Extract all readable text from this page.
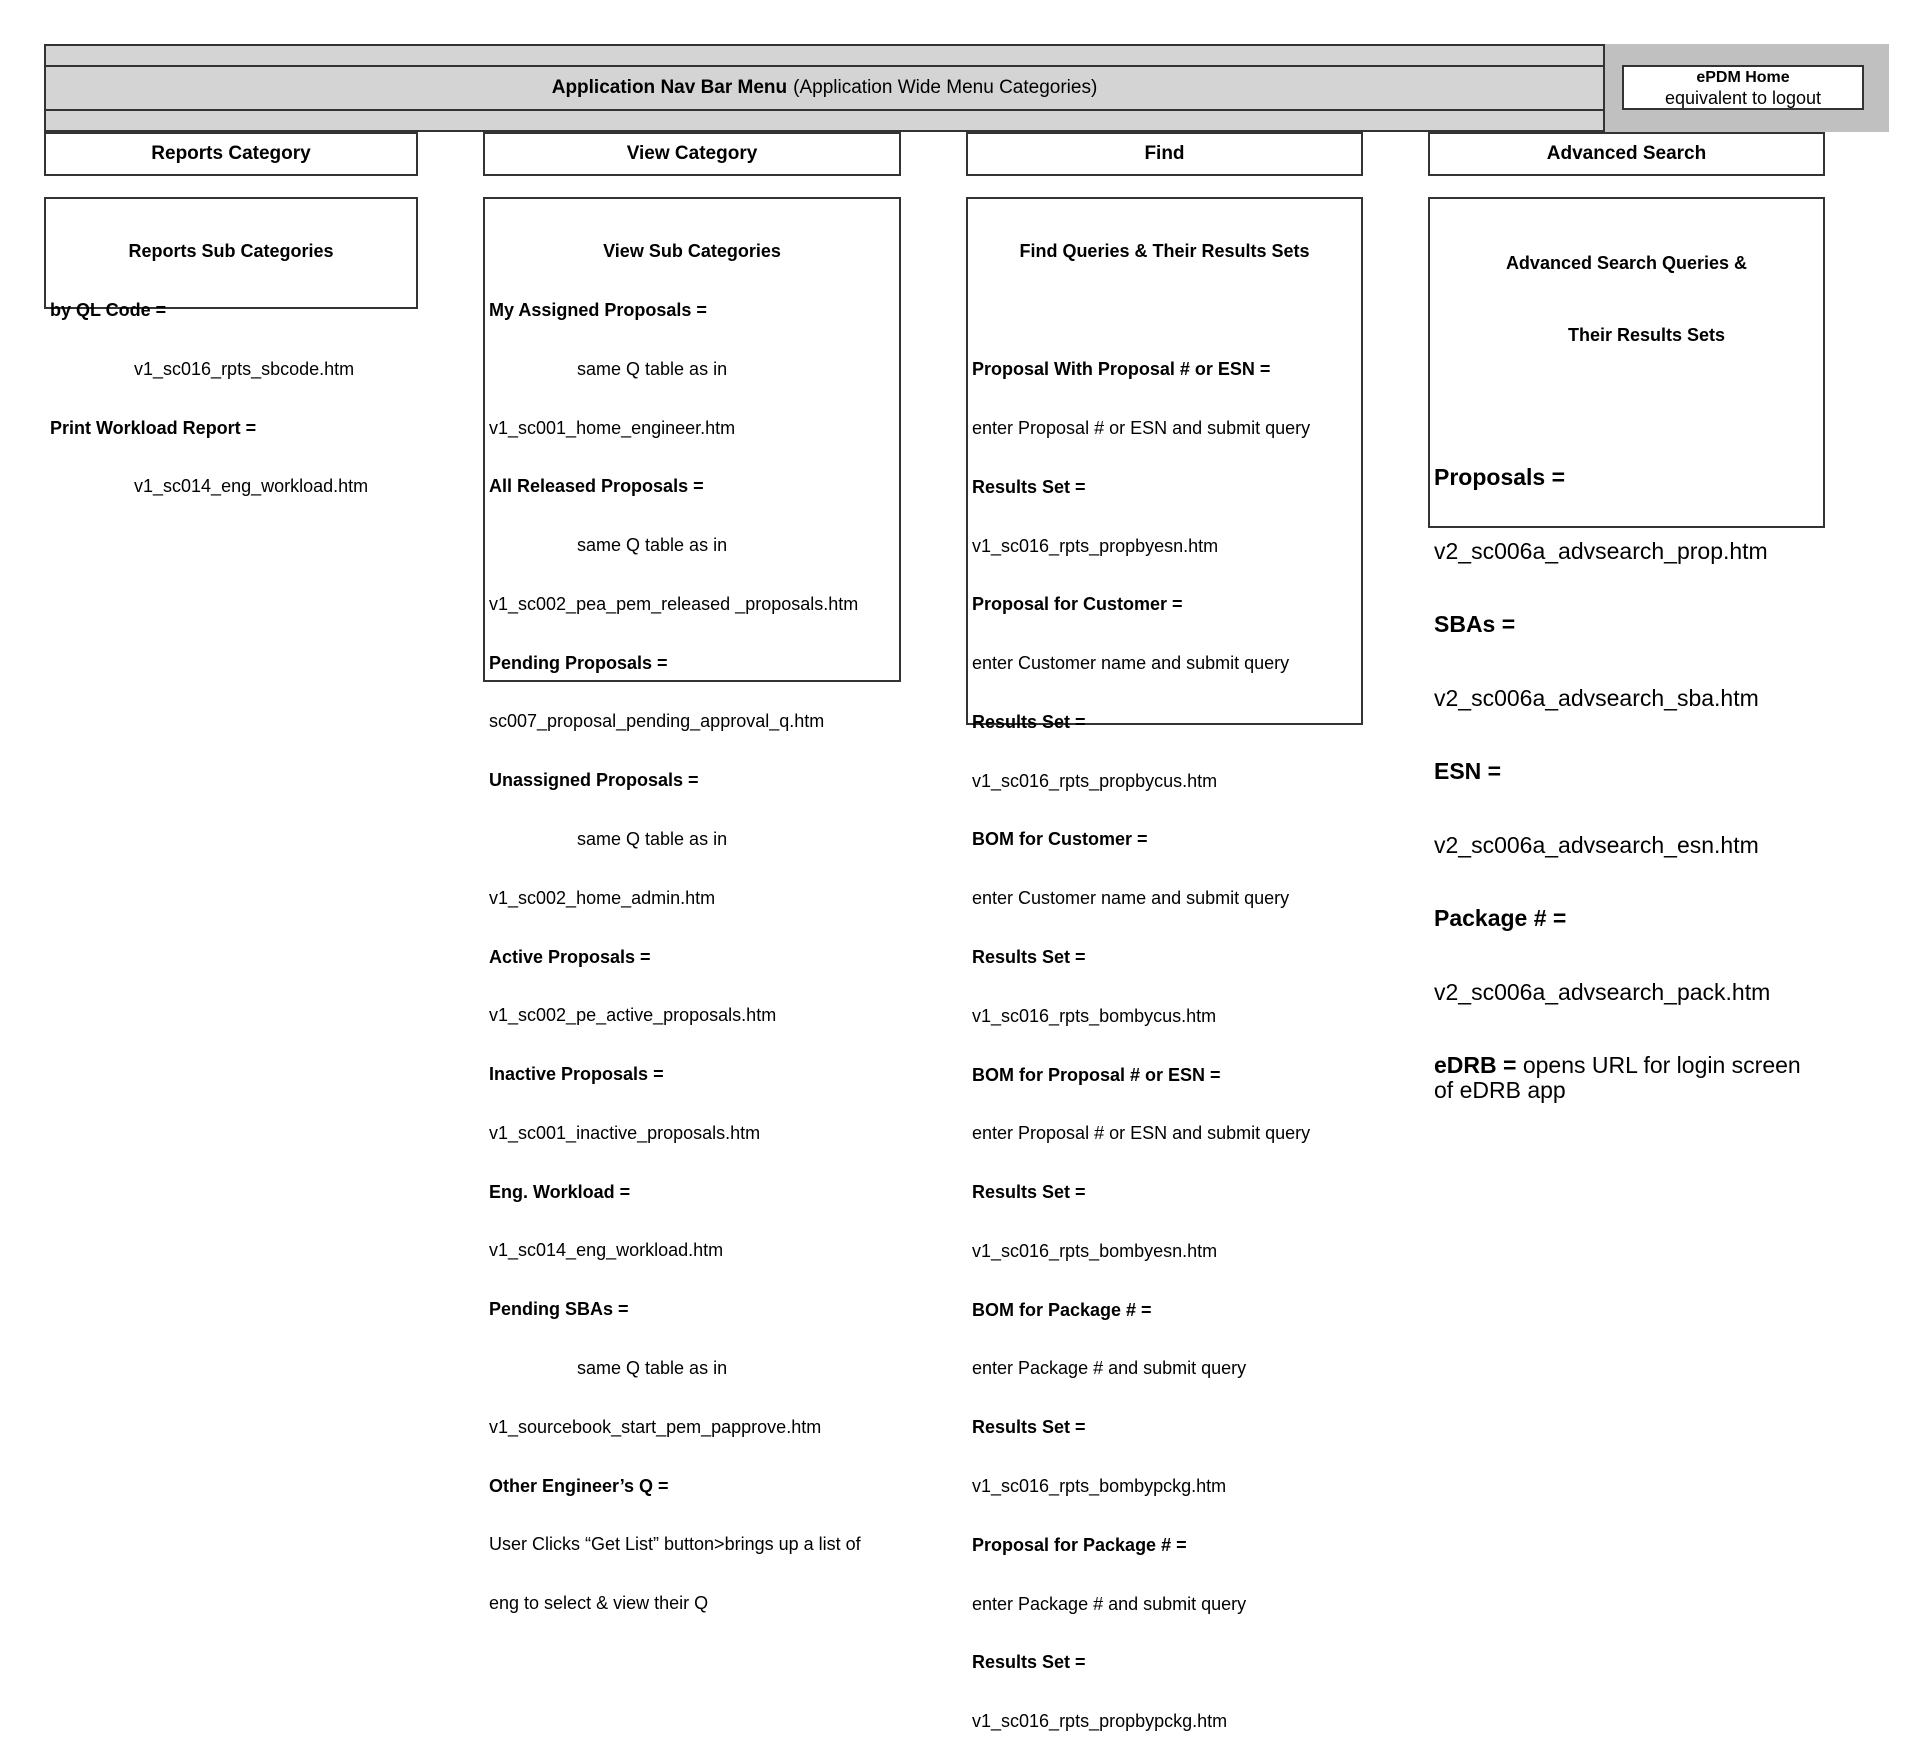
Application Nav Bar Menu (Application Wide Menu Categories)	ePDM Home
equivalent to logout
Reports Category	View Category	Find	Advanced Search

Reports Sub Categories

by QL Code =

v1_sc016_rpts_sbcode.htm

Print Workload Report =

v1_sc014_eng_workload.htm

View Sub Categories

My Assigned Proposals =

same Q table as in

v1_sc001_home_engineer.htm

All Released Proposals =

same Q table as in

v1_sc002_pea_pem_released _proposals.htm

Pending Proposals =

sc007_proposal_pending_approval_q.htm

Unassigned Proposals =

same Q table as in

v1_sc002_home_admin.htm

Active Proposals =

v1_sc002_pe_active_proposals.htm

Inactive Proposals =

v1_sc001_inactive_proposals.htm

Eng. Workload =

v1_sc014_eng_workload.htm

Pending SBAs =

same Q table as in

v1_sourcebook_start_pem_papprove.htm

Other Engineer’s Q =

User Clicks “Get List” button>brings up a list of

eng to select & view their Q

Find Queries & Their Results Sets

Proposal With Proposal # or ESN =

enter Proposal # or ESN and submit query

Results Set =

v1_sc016_rpts_propbyesn.htm

Proposal for Customer =

enter Customer name and submit query

Results Set =

v1_sc016_rpts_propbycus.htm

BOM for Customer =

enter Customer name and submit query

Results Set =

v1_sc016_rpts_bombycus.htm

BOM for Proposal # or ESN =

enter Proposal # or ESN and submit query

Results Set =

v1_sc016_rpts_bombyesn.htm

BOM for Package # =

enter Package # and submit query

Results Set =

v1_sc016_rpts_bombypckg.htm

Proposal for Package # =

enter Package # and submit query

Results Set =

v1_sc016_rpts_propbypckg.htm

Advanced Search Queries &

Their Results Sets

Proposals =

v2_sc006a_advsearch_prop.htm

SBAs =

v2_sc006a_advsearch_sba.htm

ESN =

v2_sc006a_advsearch_esn.htm

Package # =

v2_sc006a_advsearch_pack.htm

eDRB = opens URL for login screen of eDRB app
